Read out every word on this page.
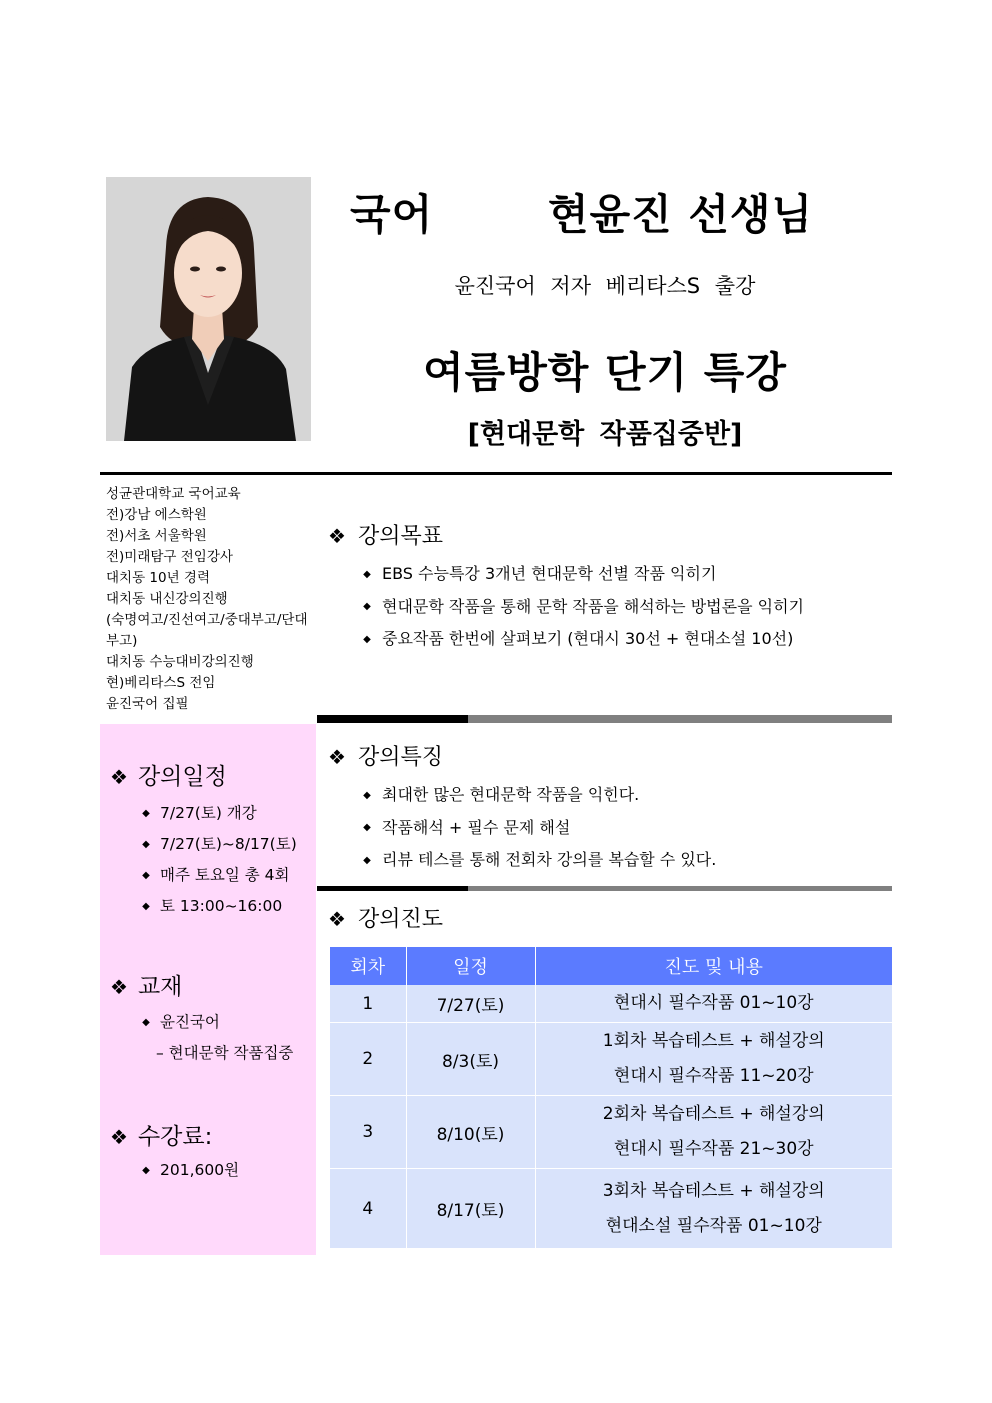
국어	현윤진 선생님
윤진국어 저자 베리타스S 출강
여름방학 단기 특강
[현대문학 작품집중반]
성균관대학교 국어교육
전)강남 에스학원
전)서초 서울학원
전)미래탐구 전임강사
대치동 10년 경력
대치동 내신강의진행
(숙명여고/진선여고/중대부고/단대부고)
대치동 수능대비강의진행
현)베리타스S 전임
윤진국어 집필
❖ 강의일정
◆ 7/27(토) 개강
◆ 7/27(토)~8/17(토)
◆ 매주 토요일 총 4회
◆ 토 13:00~16:00
❖ 교재
◆ 윤진국어
– 현대문학 작품집중
❖ 수강료:
◆ 201,600원
❖ 강의목표
◆ EBS 수능특강 3개년 현대문학 선별 작품 익히기
◆ 현대문학 작품을 통해 문학 작품을 해석하는 방법론을 익히기
◆ 중요작품 한번에 살펴보기 (현대시 30선 + 현대소설 10선)
❖ 강의특징
◆ 최대한 많은 현대문학 작품을 익힌다.
◆ 작품해석 + 필수 문제 해설
◆ 리뷰 테스를 통해 전회차 강의를 복습할 수 있다.
❖ 강의진도
회차	일정	진도 및 내용
1	7/27(토)	현대시 필수작품 01~10강

2	8/3(토)	1회차 복습테스트 + 해설강의
현대시 필수작품 11~20강

3	8/10(토)	2회차 복습테스트 + 해설강의
현대시 필수작품 21~30강

4	8/17(토)	3회차 복습테스트 + 해설강의
현대소설 필수작품 01~10강
